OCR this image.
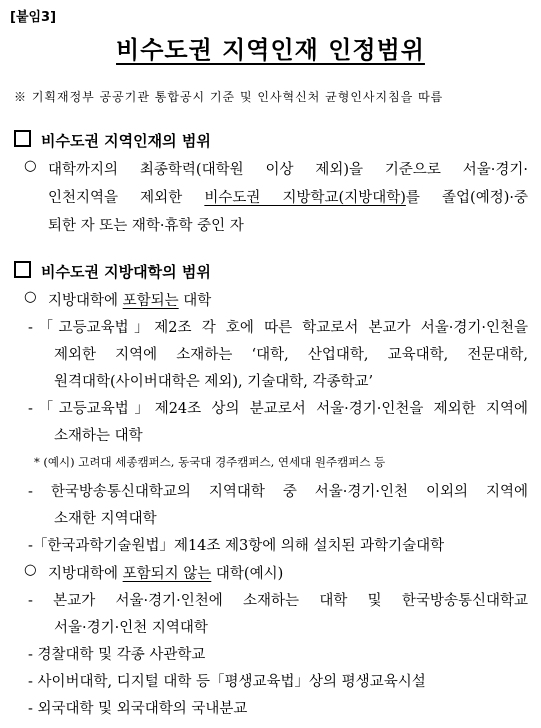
[붙임3]
비수도권 지역인재 인정범위
※ 기획재정부 공공기관 통합공시 기준 및 인사혁신처 균형인사지침을 따름
비수도권 지역인재의 범위
○ 대학까지의 최종학력(대학원 이상 제외)을 기준으로 서울·경기·
인천지역을 제외한 비수도권 지방학교(지방대학)를 졸업(예정)·중
퇴한 자 또는 재학·휴학 중인 자
비수도권 지방대학의 범위
○ 지방대학에 포함되는 대학
-「고등교육법」제2조 각 호에 따른 학교로서 본교가 서울·경기·인천을
제외한 지역에 소재하는 ‘대학, 산업대학, 교육대학, 전문대학,
원격대학(사이버대학은 제외), 기술대학, 각종학교’
-「고등교육법」제24조 상의 분교로서 서울·경기·인천을 제외한 지역에
소재하는 대학
* (예시) 고려대 세종캠퍼스, 동국대 경주캠퍼스, 연세대 원주캠퍼스 등
- 한국방송통신대학교의 지역대학 중 서울·경기·인천 이외의 지역에
소재한 지역대학
-「한국과학기술원법」제14조 제3항에 의해 설치된 과학기술대학
○ 지방대학에 포함되지 않는 대학(예시)
- 본교가 서울·경기·인천에 소재하는 대학 및 한국방송통신대학교
서울·경기·인천 지역대학
- 경찰대학 및 각종 사관학교
- 사이버대학, 디지털 대학 등「평생교육법」상의 평생교육시설
- 외국대학 및 외국대학의 국내분교
